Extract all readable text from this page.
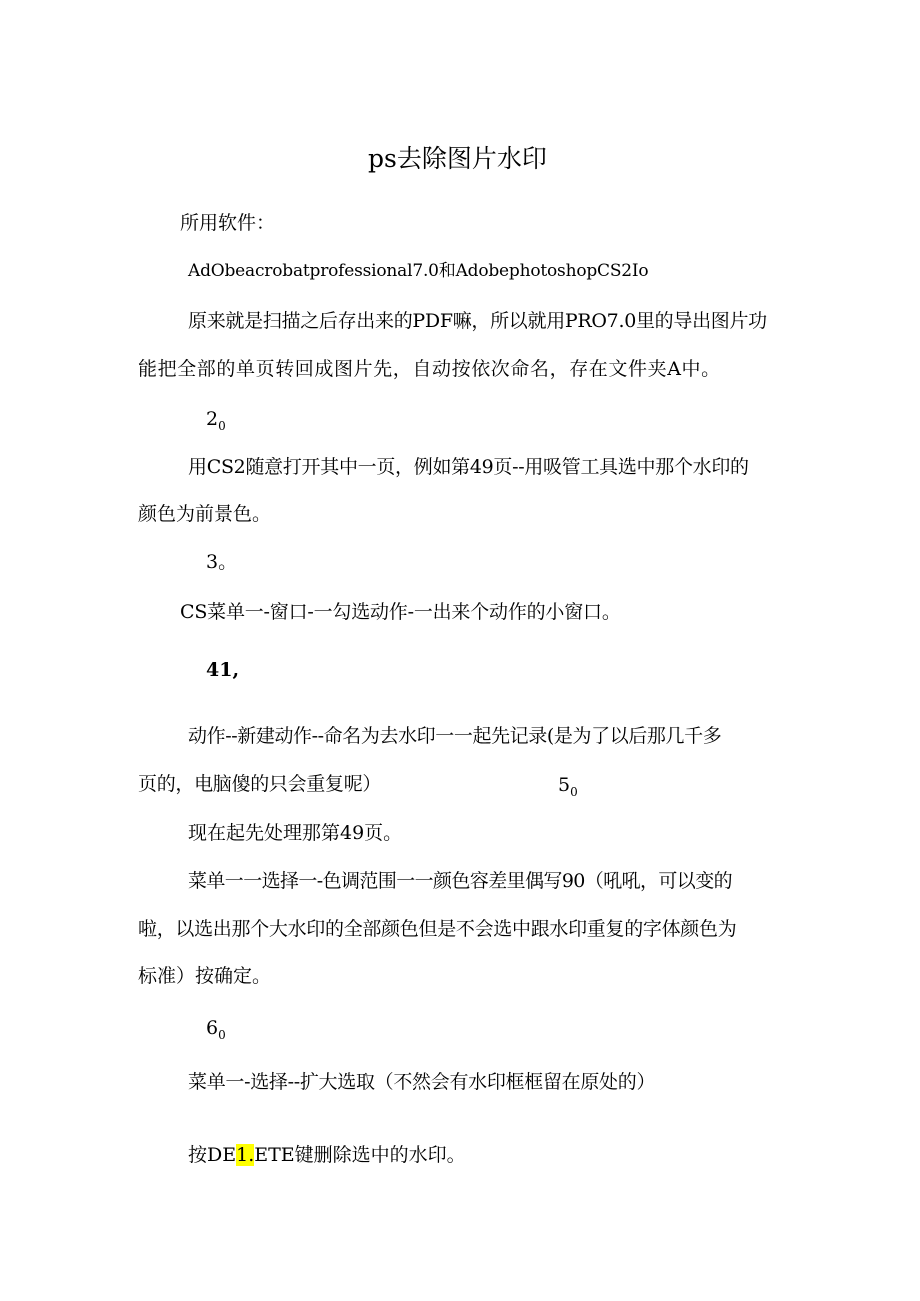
ps去除图片水印
所用软件：
AdObeacrobatprofessional7.0和AdobephotoshopCS2Io
原来就是扫描之后存出来的PDF嘛，所以就用PRO7.0里的导出图片功
能把全部的单页转回成图片先，自动按依次命名，存在文件夹A中。
$2_0$
用CS2随意打开其中一页，例如第49页--用吸管工具选中那个水印的
颜色为前景色。
3。
CS菜单一-窗口-一勾选动作-一出来个动作的小窗口。
41,
动作--新建动作--命名为去水印一一起先记录(是为了以后那几千多
页的，电脑傻的只会重复呢）	$5_0$
现在起先处理那第49页。
菜单一一选择一-色调范围一一颜色容差里偶写90（吼吼，可以变的
啦，以选出那个大水印的全部颜色但是不会选中跟水印重复的字体颜色为
标准）按确定。
$6_0$
菜单一-选择--扩大选取（不然会有水印框框留在原处的）
按DE1.ETE键删除选中的水印。
